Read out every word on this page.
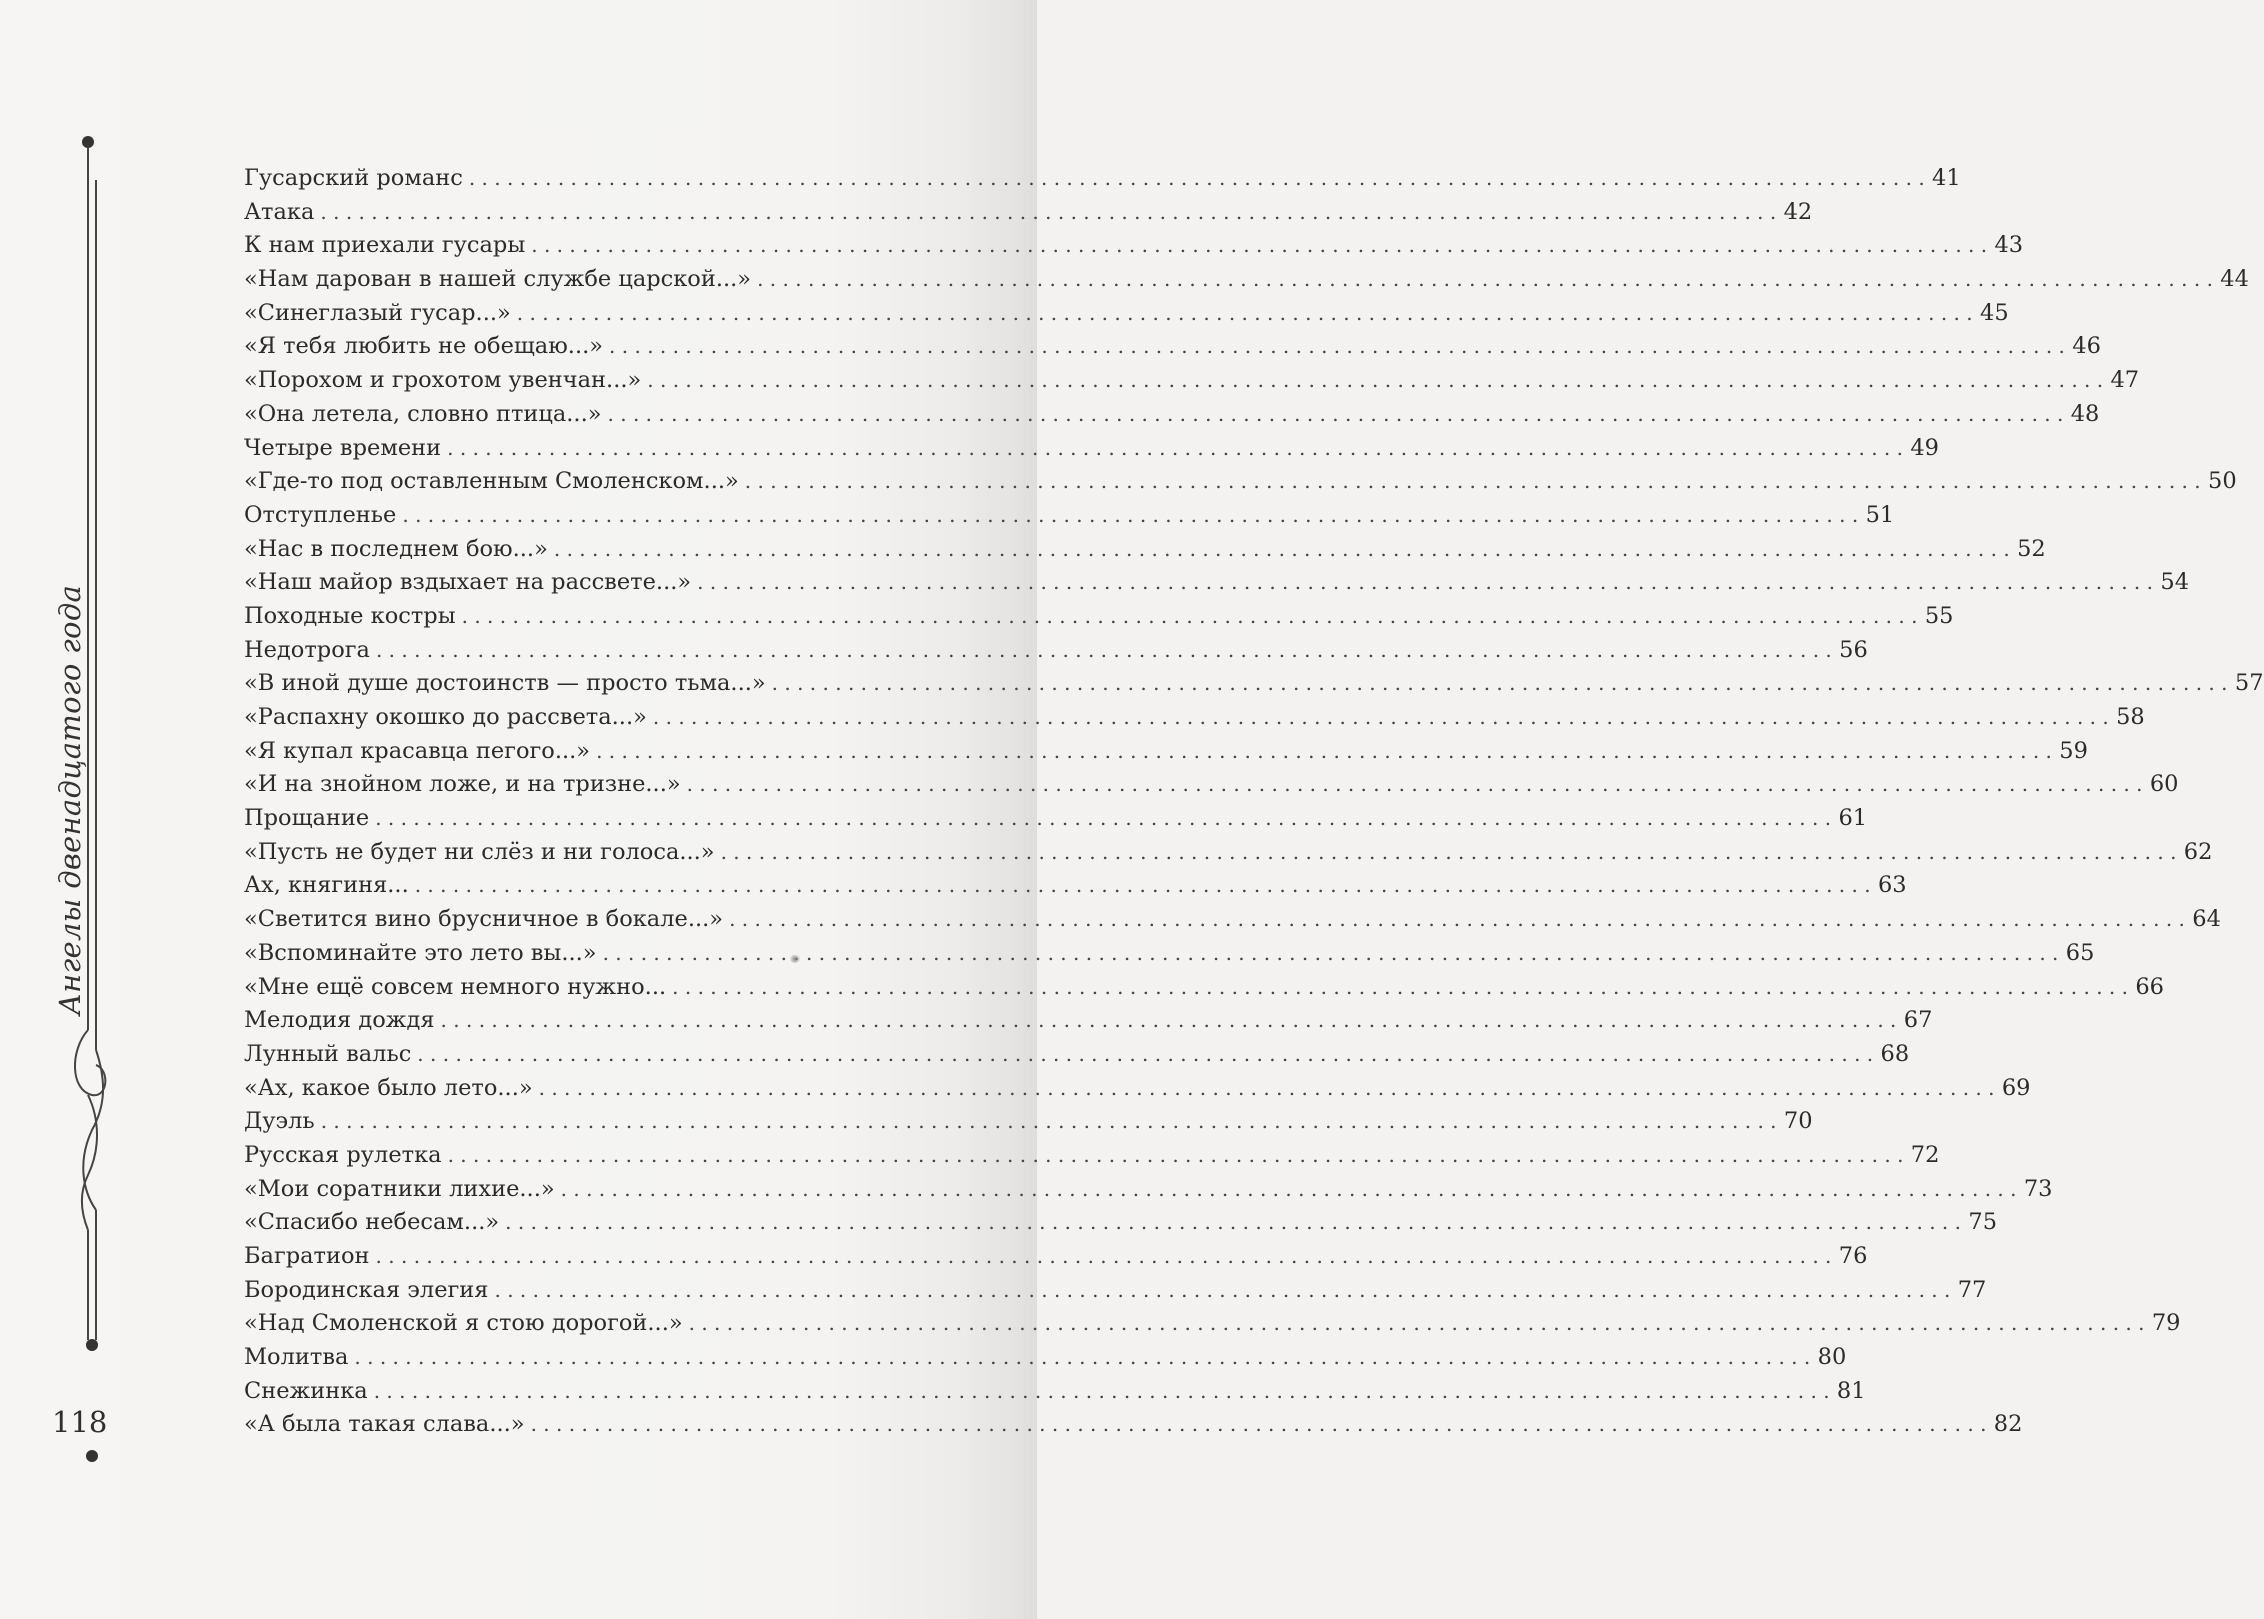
Ангелы двенадцатого года
118
Гусарский романс . . .	41
Атака . . .	42
К нам приехали гусары . . .	43
«Нам дарован в нашей службе царской...» . . .	44
«Синеглазый гусар...» . . .	45
«Я тебя любить не обещаю...» . . .	46
«Порохом и грохотом увенчан...» . . .	47
«Она летела, словно птица...» . . .	48
Четыре времени . . .	49
«Где-то под оставленным Смоленском...» . . .	50
Отступленье . . .	51
«Нас в последнем бою...» . . .	52
«Наш майор вздыхает на рассвете...» . . .	54
Походные костры . . .	55
Недотрога . . .	56
«В иной душе достоинств — просто тьма...» . . .	57
«Распахну окошко до рассвета...» . . .	58
«Я купал красавца пегого...» . . .	59
«И на знойном ложе, и на тризне...» . . .	60
Прощание . . .	61
«Пусть не будет ни слёз и ни голоса...» . . .	62
Ах, княгиня... . . .	63
«Светится вино брусничное в бокале...» . . .	64
«Вспоминайте это лето вы...» . . .	65
«Мне ещё совсем немного нужно... . . .	66
Мелодия дождя . . .	67
Лунный вальс . . .	68
«Ах, какое было лето...» . . .	69
Дуэль . . .	70
Русская рулетка . . .	72
«Мои соратники лихие...» . . .	73
«Спасибо небесам...» . . .	75
Багратион . . .	76
Бородинская элегия . . .	77
«Над Смоленской я стою дорогой...» . . .	79
Молитва . . .	80
Снежинка . . .	81
«А была такая слава...» . . .	82
